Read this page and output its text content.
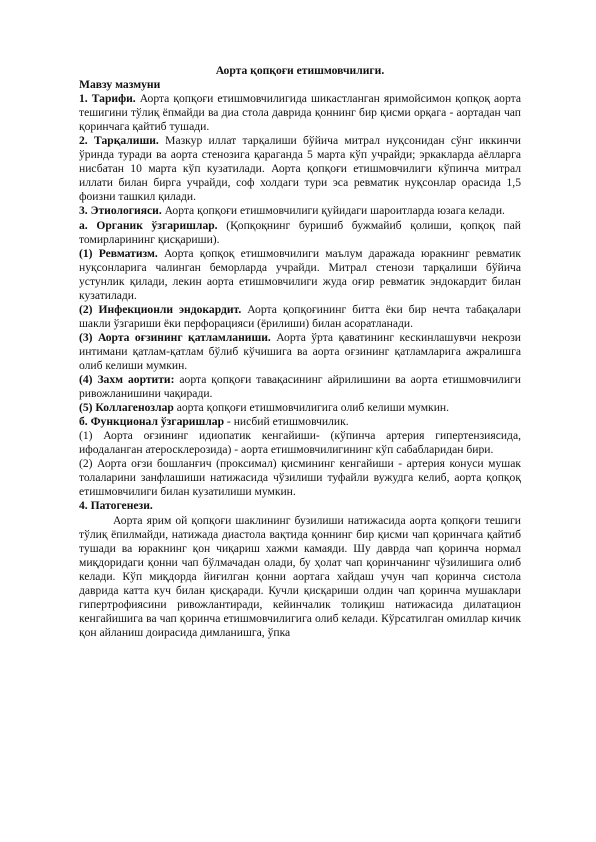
Аорта қопқоғи етишмовчилиги.
Мавзу мазмуни
1. Тарифи. Аорта қопқоғи етишмовчилигида шикастланган яримойсимон қопқоқ аорта тешигини тўлиқ ёпмайди ва диа стола даврида қоннинг бир қисми орқага - аортадан чап қоринчага қайтиб тушади.
2. Тарқалиши. Мазкур иллат тарқалиши бўйича митрал нуқсонидан сўнг иккинчи ўринда туради ва аорта стенозига қараганда 5 марта кўп учрайди; эркакларда аёлларга нисбатан 10 марта кўп кузатилади. Аорта қопқоғи етишмовчилиги кўпинча митрал иллати билан бирга учрайди, соф холдаги тури эса ревматик нуқсонлар орасида 1,5 фоизни ташкил қилади.
3. Этиологияси. Аорта қопқоғи етишмовчилиги қуйидаги шароитларда юзага келади.
а. Органик ўзгаришлар. (Қопқоқнинг буришиб бужмайиб қолиши, қопқоқ пай томирларининг қисқариши).
(1) Ревматизм. Аорта қопқоқ етишмовчилиги маълум даражада юракнинг ревматик нуқсонларига чалинган беморларда учрайди. Митрал стенози тарқалиши бўйича устунлик қилади, лекин аорта етишмовчилиги жуда оғир ревматик эндокардит билан кузатилади.
(2) Инфекционли эндокардит. Аорта қопқоғининг битта ёки бир нечта табақалари шакли ўзгариши ёки перфорацияси (ёрилиши) билан асоратланади.
(3) Аорта оғзининг қатламланиши. Аорта ўрта қаватининг кескинлашувчи некрози интимани қатлам-қатлам бўлиб кўчишига ва аорта оғзининг қатламларига ажралишга олиб келиши мумкин.
(4) Захм аортити: аорта қопқоғи тавақасининг айрилишини ва аорта етишмовчилиги ривожланишини чақиради.
(5) Коллагенозлар аорта қопқоғи етишмовчилигига олиб келиши мумкин.
б. Функционал ўзгаришлар - нисбий етишмовчилик.
(1) Аорта оғзининг идиопатик кенгайиши- (кўпинча артерия гипертензиясида, ифодаланган атеросклерозида) - аорта етишмовчилигининг кўп сабабларидан бири.
(2) Аорта оғзи бошланғич (проксимал) қисмининг кенгайиши - артерия конуси мушак толаларини занфлашиши натижасида чўзилиши туфайли вужудга келиб, аорта қопқоқ етишмовчилиги билан кузатилиши мумкин.
4. Патогенези.
Аорта ярим ой қопқоғи шаклининг бузилиши натижасида аорта қопқоғи тешиги тўлиқ ёпилмайди, натижада диастола вақтида қоннинг бир қисми чап қоринчага қайтиб тушади ва юракнинг қон чиқариш хажми камаяди. Шу даврда чап қоринча нормал миқдоридаги қонни чап бўлмачадан олади, бу ҳолат чап қоринчанинг чўзилишига олиб келади. Кўп миқдорда йиғилган қонни аортага хайдаш учун чап қоринча систола даврида катта куч билан қисқаради. Кучли қисқариши олдин чап қоринча мушаклари гипертрофиясини ривожлантиради, кейинчалик толиқиш натижасида дилатацион кенгайишига ва чап қоринча етишмовчилигига олиб келади. Кўрсатилган омиллар кичик қон айланиш доирасида димланишга, ўпка
